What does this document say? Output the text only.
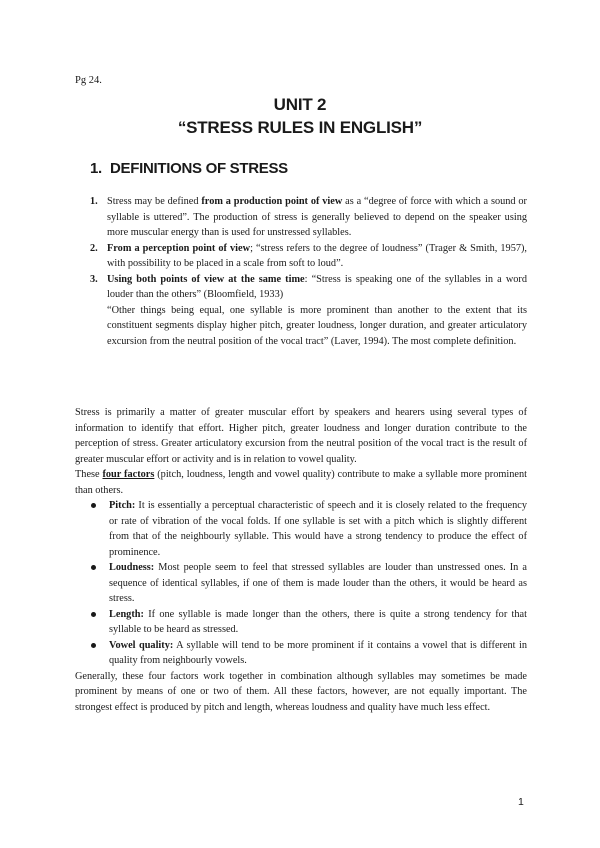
Pg 24.
UNIT 2
“STRESS RULES IN ENGLISH”
1. DEFINITIONS OF STRESS
1. Stress may be defined from a production point of view as a “degree of force with which a sound or syllable is uttered”. The production of stress is generally believed to depend on the speaker using more muscular energy than is used for unstressed syllables.
2. From a perception point of view; “stress refers to the degree of loudness” (Trager & Smith, 1957), with possibility to be placed in a scale from soft to loud”.
3. Using both points of view at the same time: “Stress is speaking one of the syllables in a word louder than the others” (Bloomfield, 1933)
“Other things being equal, one syllable is more prominent than another to the extent that its constituent segments display higher pitch, greater loudness, longer duration, and greater articulatory excursion from the neutral position of the vocal tract” (Laver, 1994). The most complete definition.

Stress is primarily a matter of greater muscular effort by speakers and hearers using several types of information to identify that effort. Higher pitch, greater loudness and longer duration contribute to the perception of stress. Greater articulatory excursion from the neutral position of the vocal tract is the result of greater muscular effort or activity and is in relation to vowel quality.

These four factors (pitch, loudness, length and vowel quality) contribute to make a syllable more prominent than others.

Pitch: It is essentially a perceptual characteristic of speech and it is closely related to the frequency or rate of vibration of the vocal folds. If one syllable is set with a pitch which is slightly different from that of the neighbourly syllable. This would have a strong tendency to produce the effect of prominence.
Loudness: Most people seem to feel that stressed syllables are louder than unstressed ones. In a sequence of identical syllables, if one of them is made louder than the others, it would be heard as stress.
Length: If one syllable is made longer than the others, there is quite a strong tendency for that syllable to be heard as stressed.
Vowel quality: A syllable will tend to be more prominent if it contains a vowel that is different in quality from neighbourly vowels.

Generally, these four factors work together in combination although syllables may sometimes be made prominent by means of one or two of them. All these factors, however, are not equally important. The strongest effect is produced by pitch and length, whereas loudness and quality have much less effect.

1
